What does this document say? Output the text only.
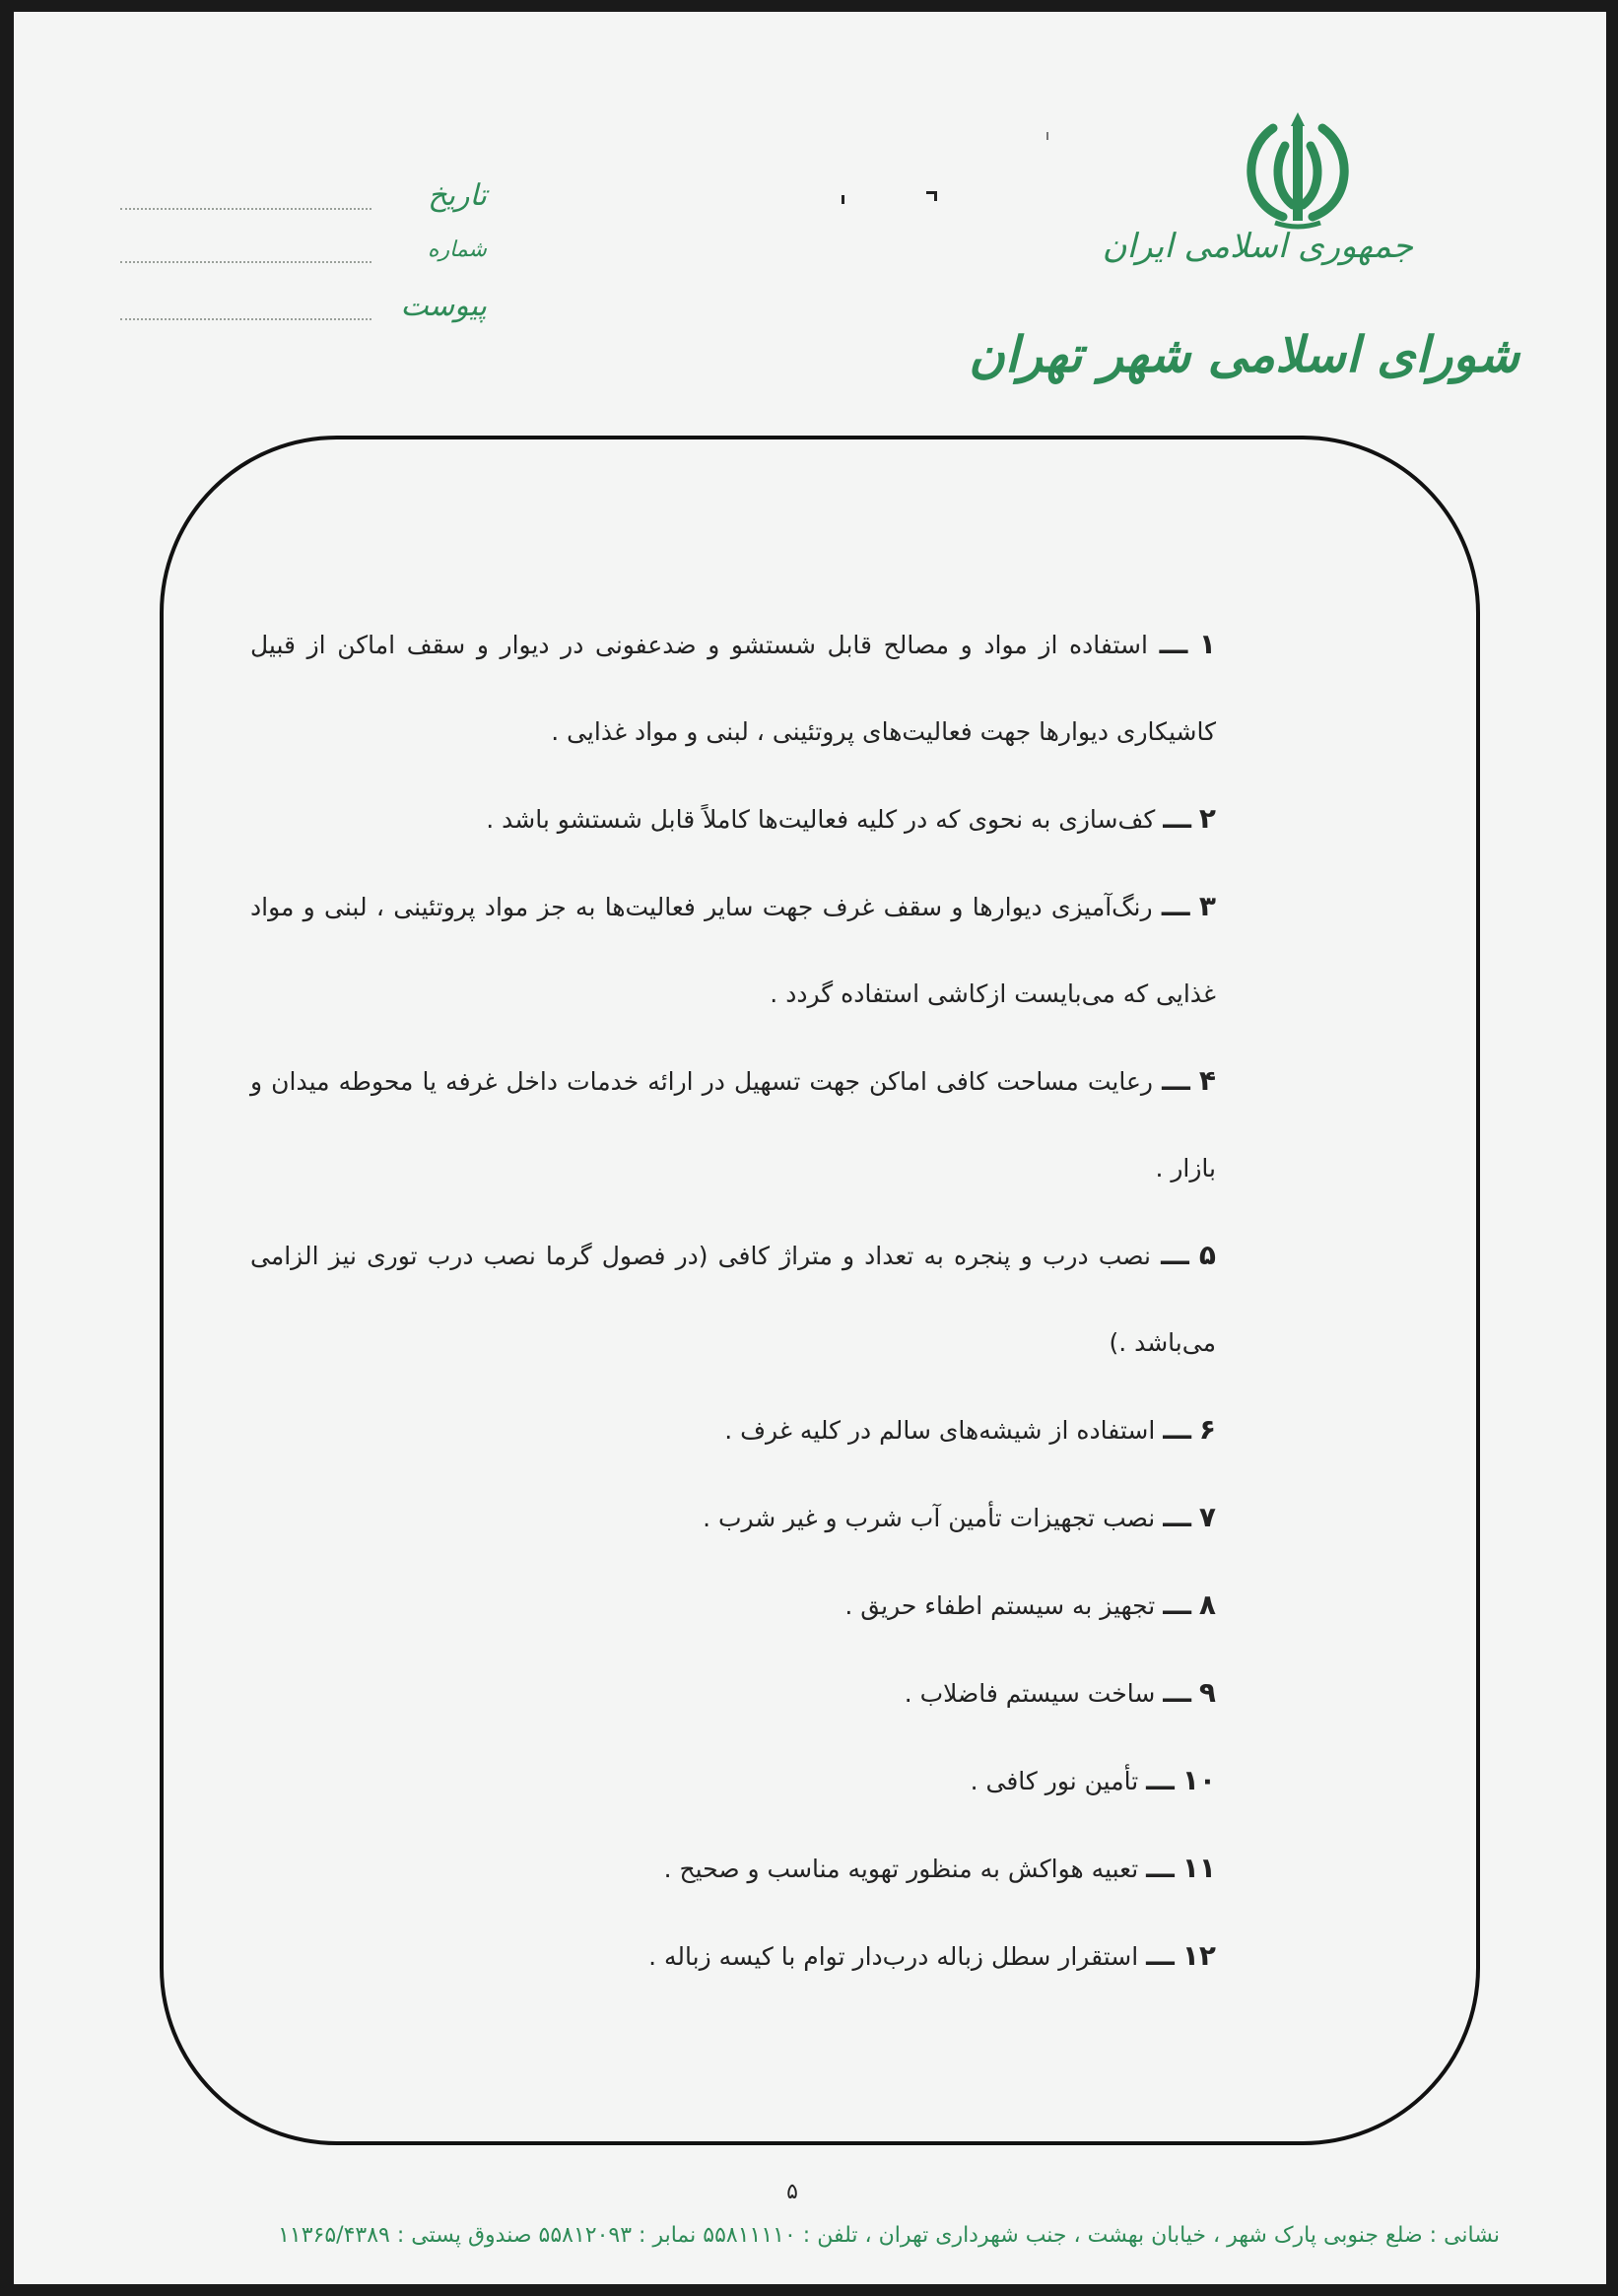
تاریخ
شماره
پیوست
جمهوری اسلامی ایران
شورای اسلامی شهر تهران

۱ ـــ استفاده از مواد و مصالح قابل شستشو و ضدعفونی در دیوار و سقف اماکن از قبیل کاشیکاری دیوارها جهت فعالیت‌های پروتئینی ، لبنی و مواد غذایی .

۲ ـــ کف‌سازی به نحوی که در کلیه فعالیت‌ها کاملاً قابل شستشو باشد .

۳ ـــ رنگ‌آمیزی دیوارها و سقف غرف جهت سایر فعالیت‌ها به جز مواد پروتئینی ، لبنی و مواد غذایی که می‌بایست ازکاشی استفاده گردد .

۴ ـــ رعایت مساحت کافی اماکن جهت تسهیل در ارائه خدمات داخل غرفه یا محوطه میدان و بازار .

۵ ـــ نصب درب و پنجره به تعداد و متراژ کافی (در فصول گرما نصب درب توری نیز الزامی می‌باشد .)

۶ ـــ استفاده از شیشه‌های سالم در کلیه غرف .

۷ ـــ نصب تجهیزات تأمین آب شرب و غیر شرب .

۸ ـــ تجهیز به سیستم اطفاء حریق .

۹ ـــ ساخت سیستم فاضلاب .

۱۰ ـــ تأمین نور کافی .

۱۱ ـــ تعبیه هواکش به منظور تهویه مناسب و صحیح .

۱۲ ـــ استقرار سطل زباله درب‌دار توام با کیسه زباله .

۵
نشانی : ضلع جنوبی پارک شهر ، خیابان بهشت ، جنب شهرداری تهران ، تلفن : ۵۵۸۱۱۱۱۰ نمابر : ۵۵۸۱۲۰۹۳ صندوق پستی : ۱۱۳۶۵/۴۳۸۹
